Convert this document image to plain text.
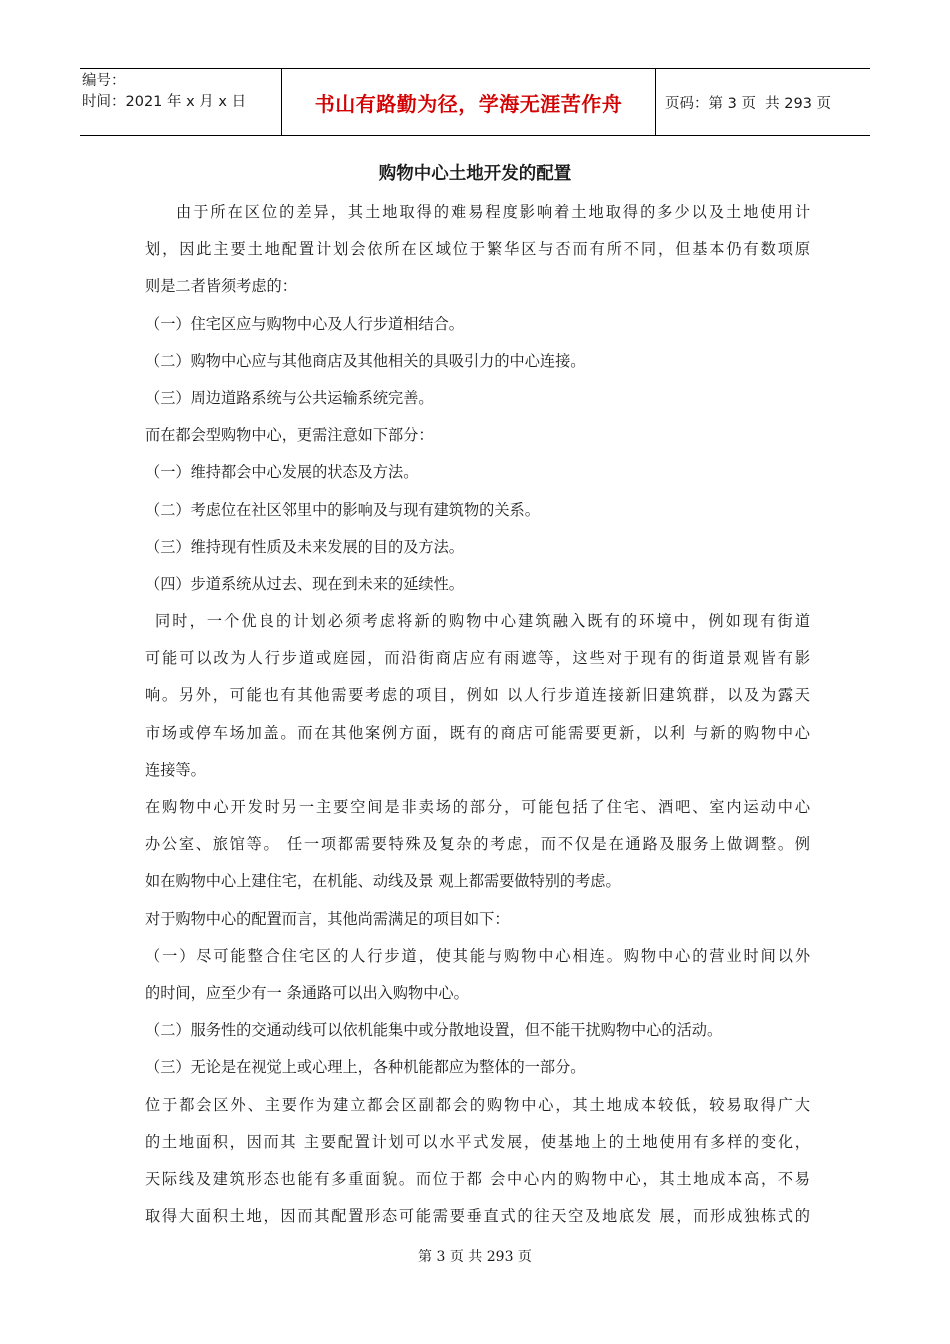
编号：
时间：2021 年 x 月 x 日	书山有路勤为径，学海无涯苦作舟	页码：第 3 页  共 293 页
购物中心土地开发的配置
由于所在区位的差异，其土地取得的难易程度影响着土地取得的多少以及土地使用计
划，因此主要土地配置计划会依所在区域位于繁华区与否而有所不同，但基本仍有数项原
则是二者皆须考虑的：
（一）住宅区应与购物中心及人行步道相结合。
（二）购物中心应与其他商店及其他相关的具吸引力的中心连接。
（三）周边道路系统与公共运输系统完善。
而在都会型购物中心，更需注意如下部分：
（一）维持都会中心发展的状态及方法。
（二）考虑位在社区邻里中的影响及与现有建筑物的关系。
（三）维持现有性质及未来发展的目的及方法。
（四）步道系统从过去、现在到未来的延续性。
同时，一个优良的计划必须考虑将新的购物中心建筑融入既有的环境中，例如现有街道
可能可以改为人行步道或庭园，而沿街商店应有雨遮等，这些对于现有的街道景观皆有影
响。另外，可能也有其他需要考虑的项目，例如 以人行步道连接新旧建筑群，以及为露天
市场或停车场加盖。而在其他案例方面，既有的商店可能需要更新，以利 与新的购物中心
连接等。
在购物中心开发时另一主要空间是非卖场的部分，可能包括了住宅、酒吧、室内运动中心
办公室、旅馆等。 任一项都需要特殊及复杂的考虑，而不仅是在通路及服务上做调整。例
如在购物中心上建住宅，在机能、动线及景 观上都需要做特别的考虑。
对于购物中心的配置而言，其他尚需满足的项目如下：
（一）尽可能整合住宅区的人行步道，使其能与购物中心相连。购物中心的营业时间以外
的时间，应至少有一 条通路可以出入购物中心。
（二）服务性的交通动线可以依机能集中或分散地设置，但不能干扰购物中心的活动。
（三）无论是在视觉上或心理上，各种机能都应为整体的一部分。
位于都会区外、主要作为建立都会区副都会的购物中心，其土地成本较低，较易取得广大
的土地面积，因而其 主要配置计划可以水平式发展，使基地上的土地使用有多样的变化，
天际线及建筑形态也能有多重面貌。而位于都 会中心内的购物中心，其土地成本高，不易
取得大面积土地，因而其配置形态可能需要垂直式的往天空及地底发 展，而形成独栋式的
第 3 页 共 293 页
